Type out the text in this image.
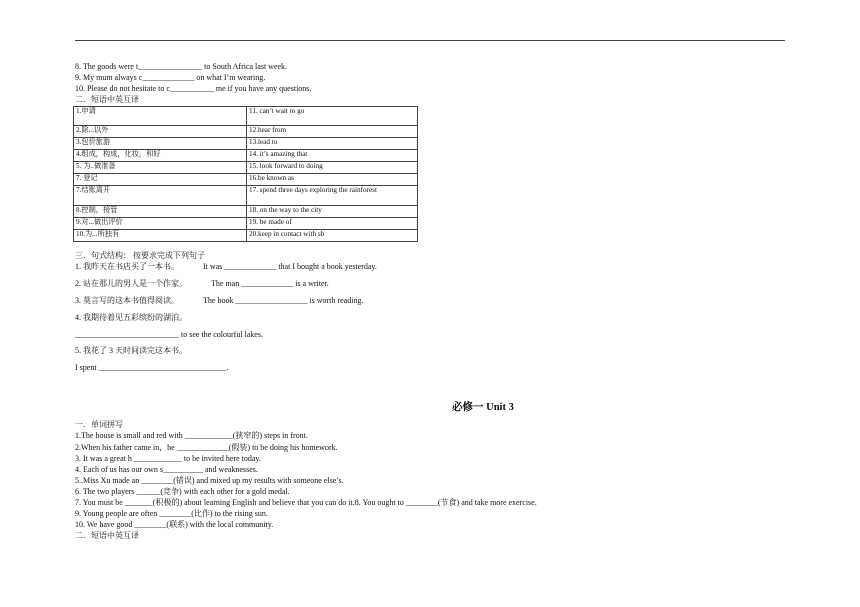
8. The goods were t________________ to South Africa last week.
9. My mum always c_____________ on what I’m wearing.
10. Please do not hesitate to c___________ me if you have any questions.
二．短语中英互译
1.申请	11. can’t wait to go
2.除...以外	12.hear from
3.包价旅游	13.lead to
4.组成，构成，化妆，和好	14. it’s amazing that
5. 为..做准备	15. look forward to doing
7. 登记	16.be known as
7.结账离开	17. spend three days exploring the rainforest
8.控制，接管	18. on the way to the city
9.对...做出评价	19. be made of
10.为...所独有	20.keep in contact with sb
三．句式结构： 按要求完成下列句子
1. 我昨天在书店买了一本书。	It was _____________ that I bought a book yesterday.
2. 站在那儿的男人是一个作家。	The man _____________ is a writer.
3. 莫言写的这本书值得阅读。	The book __________________ is worth reading.
4. 我期待着见五彩缤纷的湖泊。
__________________________ to see the colourful lakes.
5. 我花了 3 天时间读完这本书。
I spent ________________________________.
必修一 Unit 3
一．单词拼写
1.The house is small and red with ____________(狭窄的) steps in front.
2.When his father came in，he _____________(假装) to be doing his homework.
3. It was a great h ____________ to be invited here today.
4. Each of us has our own s__________ and weaknesses.
5..Miss Xu made an ________(错误) and mixed up my results with someone else’s.
6. The two players ______(竞争) with each other for a gold medal.
7. You must be _______(积极的) about learning English and believe that you can do it.8. You ought to ________(节食) and take more exercise.
9. Young people are often ________(比作) to the rising sun.
10. We have good ________(联系) with the local community.
二．短语中英互译
